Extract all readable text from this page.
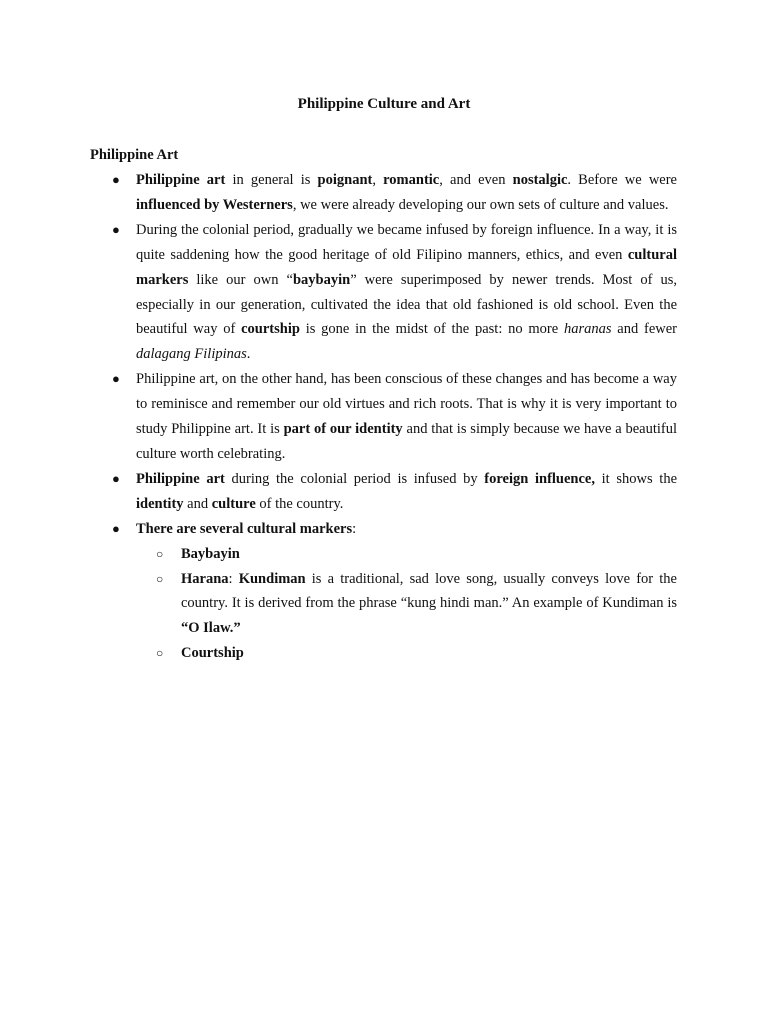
Philippine Culture and Art
Philippine Art
● Philippine art in general is poignant, romantic, and even nostalgic. Before we were influenced by Westerners, we were already developing our own sets of culture and values.
● During the colonial period, gradually we became infused by foreign influence. In a way, it is quite saddening how the good heritage of old Filipino manners, ethics, and even cultural markers like our own “baybayin” were superimposed by newer trends. Most of us, especially in our generation, cultivated the idea that old fashioned is old school. Even the beautiful way of courtship is gone in the midst of the past: no more haranas and fewer dalagang Filipinas.
● Philippine art, on the other hand, has been conscious of these changes and has become a way to reminisce and remember our old virtues and rich roots. That is why it is very important to study Philippine art. It is part of our identity and that is simply because we have a beautiful culture worth celebrating.
● Philippine art during the colonial period is infused by foreign influence, it shows the identity and culture of the country.
● There are several cultural markers:
○ Baybayin
○ Harana: Kundiman is a traditional, sad love song, usually conveys love for the country. It is derived from the phrase “kung hindi man.” An example of Kundiman is “O Ilaw.”
○ Courtship
